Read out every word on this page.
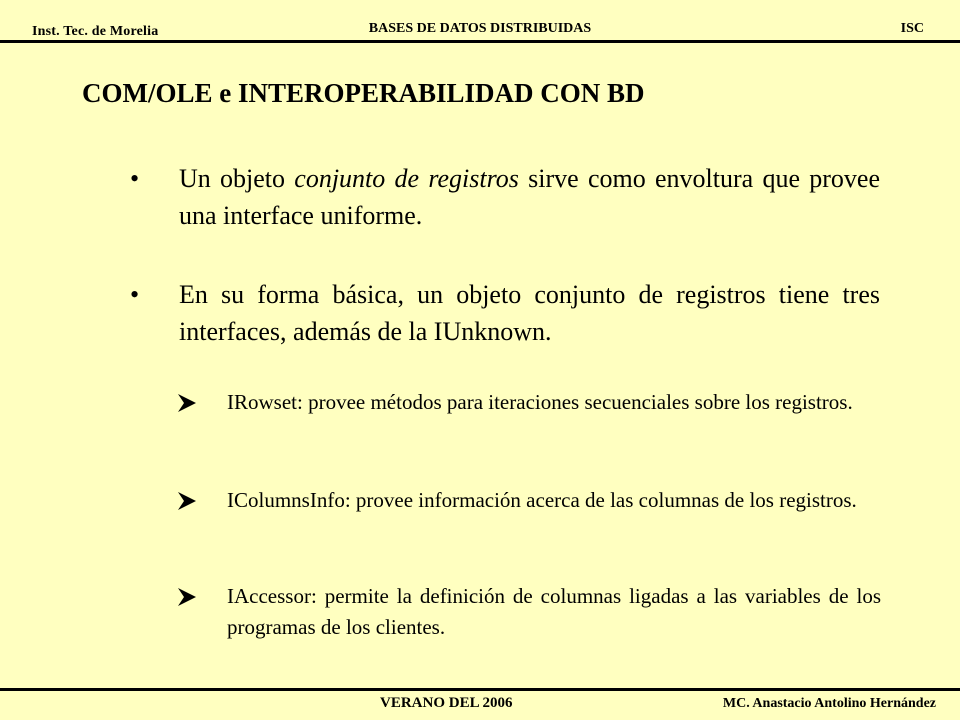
Inst. Tec. de Morelia	BASES DE DATOS DISTRIBUIDAS	ISC
COM/OLE e INTEROPERABILIDAD CON BD
• Un objeto conjunto de registros sirve como envoltura que provee una interface uniforme.
• En su forma básica, un objeto conjunto de registros tiene tres interfaces, además de la IUnknown.
IRowset: provee métodos para iteraciones secuenciales sobre los registros.
IColumnsInfo: provee información acerca de las columnas de los registros.
IAccessor: permite la definición de columnas ligadas a las variables de los programas de los clientes.
VERANO DEL 2006	MC. Anastacio Antolino Hernández
